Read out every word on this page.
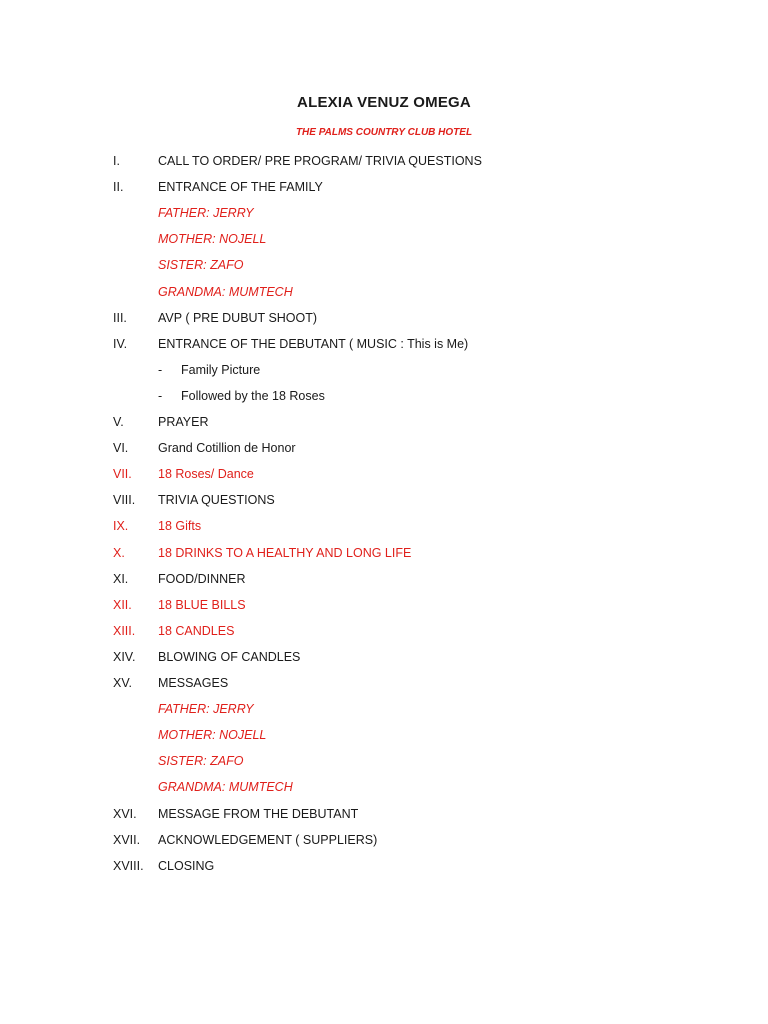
ALEXIA VENUZ OMEGA
THE PALMS COUNTRY CLUB HOTEL
I.	CALL TO ORDER/ PRE PROGRAM/ TRIVIA QUESTIONS
II.	ENTRANCE OF THE FAMILY
FATHER: JERRY
MOTHER: NOJELL
SISTER: ZAFO
GRANDMA: MUMTECH
III. AVP ( PRE DUBUT SHOOT)
IV. ENTRANCE OF THE DEBUTANT ( MUSIC : This is Me)
- Family Picture
- Followed by the 18 Roses
V.	PRAYER
VI. Grand Cotillion de Honor
VII. 18 Roses/ Dance
VIII. TRIVIA QUESTIONS
IX. 18 Gifts
X.	18 DRINKS TO A HEALTHY AND LONG LIFE
XI. FOOD/DINNER
XII. 18 BLUE BILLS
XIII. 18 CANDLES
XIV. BLOWING OF CANDLES
XV. MESSAGES
FATHER: JERRY
MOTHER: NOJELL
SISTER: ZAFO
GRANDMA: MUMTECH
XVI. MESSAGE FROM THE DEBUTANT
XVII. ACKNOWLEDGEMENT ( SUPPLIERS)
XVIII. CLOSING
